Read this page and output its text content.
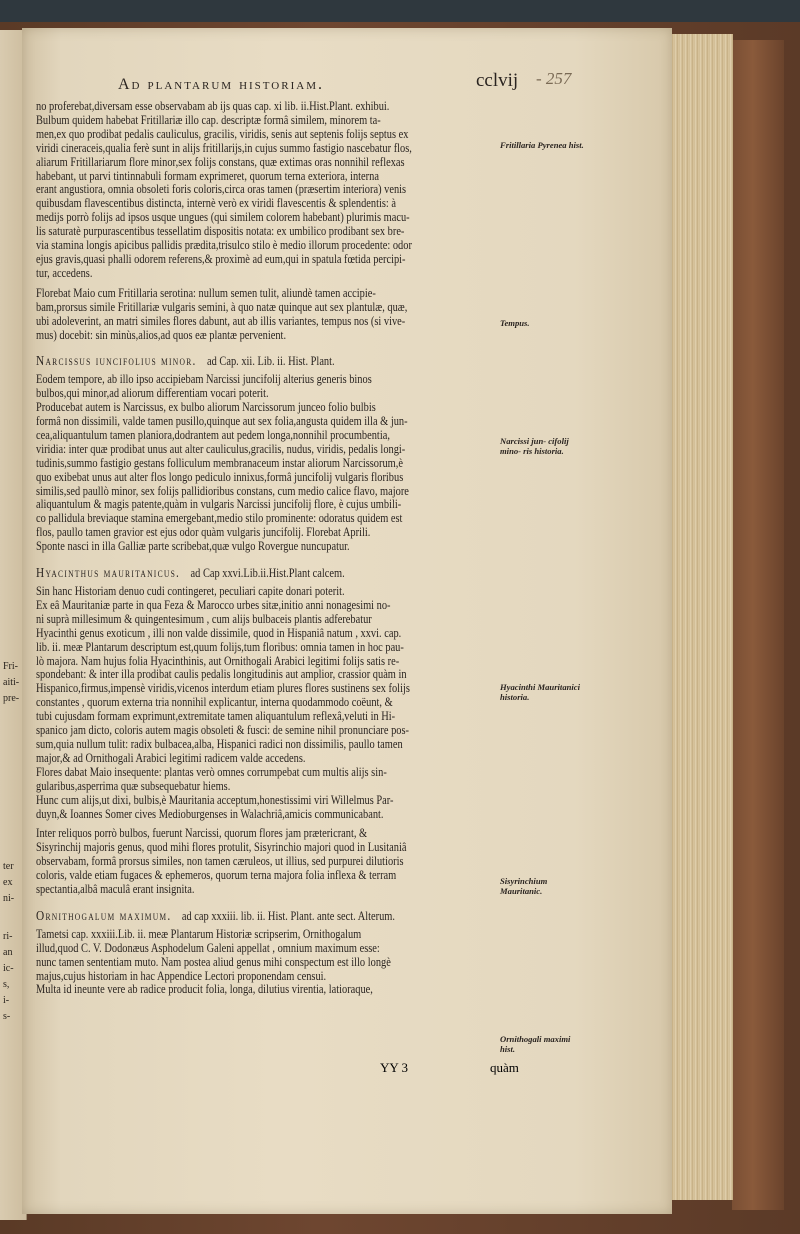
Fri-
aiti-
pre-
ter
ex
ni-
ri-
an
ic-
s,
i-
s-
Ad plantarum historiam.	cclvij - 257
no proferebat,diversam esse observabam ab ijs quas cap. xi lib. ii.Hist.Plant. exhibui.
Bulbum quidem habebat Fritillariæ illo cap. descriptæ formâ similem, minorem ta-
men,ex quo prodibat pedalis cauliculus, gracilis, viridis, senis aut septenis folijs septus ex
viridi cineraceis,qualia ferè sunt in alijs fritillarijs,in cujus summo fastigio nascebatur flos,
aliarum Fritillariarum flore minor,sex folijs constans, quæ extimas oras nonnihil reflexas
habebant, ut parvi tintinnabuli formam exprimeret, quorum terna exteriora, interna
erant angustiora, omnia obsoleti foris coloris,circa oras tamen (præsertim interiora) venis
quibusdam flavescentibus distincta, internè verò ex viridi flavescentis & splendentis: à
medijs porrò folijs ad ipsos usque ungues (qui similem colorem habebant) plurimis macu-
lis saturatè purpurascentibus tessellatim dispositis notata: ex umbilico prodibant sex bre-
via stamina longis apicibus pallidis prædita,trisulco stilo è medio illorum procedente: odor
ejus gravis,quasi phalli odorem referens,& proximè ad eum,qui in spatula fœtida percipi-
tur, accedens.
Florebat Maio cum Fritillaria serotina: nullum semen tulit, aliundè tamen accipie-
bam,prorsus simile Fritillariæ vulgaris semini, à quo natæ quinque aut sex plantulæ, quæ,
ubi adoleverint, an matri similes flores dabunt, aut ab illis variantes, tempus nos (si vive-
mus) docebit: sin minùs,alios,ad quos eæ plantæ pervenient.
Narcissus iuncifolius minor.  ad Cap. xii. Lib. ii. Hist. Plant.
Eodem tempore, ab illo ipso accipiebam Narcissi juncifolij alterius generis binos
bulbos,qui minor,ad aliorum differentiam vocari poterit.
Producebat autem is Narcissus, ex bulbo aliorum Narcissorum junceo folio bulbis
formâ non dissimili, valde tamen pusillo,quinque aut sex folia,angusta quidem illa & jun-
cea,aliquantulum tamen planiora,dodrantem aut pedem longa,nonnihil procumbentia,
viridia: inter quæ prodibat unus aut alter cauliculus,gracilis, nudus, viridis, pedalis longi-
tudinis,summo fastigio gestans folliculum membranaceum instar aliorum Narcissorum,è
quo exibebat unus aut alter flos longo pediculo innixus,formâ juncifolij vulgaris floribus
similis,sed paullò minor, sex folijs pallidioribus constans, cum medio calice flavo, majore
aliquantulum & magis patente,quàm in vulgaris Narcissi juncifolij flore, è cujus umbili-
co pallidula breviaque stamina emergebant,medio stilo prominente: odoratus quidem est
flos, paullo tamen gravior est ejus odor quàm vulgaris juncifolij. Florebat Aprili.
Sponte nasci in illa Galliæ parte scribebat,quæ vulgo Rovergue nuncupatur.
Hyacinthus mauritanicus.  ad Cap xxvi.Lib.ii.Hist.Plant calcem.
Sin hanc Historiam denuo cudi contingeret, peculiari capite donari poterit.
Ex eâ Mauritaniæ parte in qua Feza & Marocco urbes sitæ,initio anni nonagesimi no-
ni suprà millesimum & quingentesimum , cum alijs bulbaceis plantis adferebatur
Hyacinthi genus exoticum , illi non valde dissimile, quod in Hispaniâ natum , xxvi. cap.
lib. ii. meæ Plantarum descriptum est,quum folijs,tum floribus: omnia tamen in hoc pau-
lò majora. Nam hujus folia Hyacinthinis, aut Ornithogali Arabici legitimi folijs satis re-
spondebant: & inter illa prodibat caulis pedalis longitudinis aut amplior, crassior quàm in
Hispanico,firmus,impensè viridis,vicenos interdum etiam plures flores sustinens sex folijs
constantes , quorum externa tria nonnihil explicantur, interna quodammodo coëunt, &
tubi cujusdam formam exprimunt,extremitate tamen aliquantulum reflexâ,veluti in Hi-
spanico jam dicto, coloris autem magis obsoleti & fusci: de semine nihil pronunciare pos-
sum,quia nullum tulit: radix bulbacea,alba, Hispanici radici non dissimilis, paullo tamen
major,& ad Ornithogali Arabici legitimi radicem valde accedens.
Flores dabat Maio insequente: plantas verò omnes corrumpebat cum multis alijs sin-
gularibus,asperrima quæ subsequebatur hiems.
Hunc cum alijs,ut dixi, bulbis,è Mauritania acceptum,honestissimi viri Willelmus Par-
duyn,& Ioannes Somer cives Medioburgenses in Walachriâ,amicis communicabant.
Inter reliquos porrò bulbos, fuerunt Narcissi, quorum flores jam prætericrant, &
Sisyrinchij majoris genus, quod mihi flores protulit, Sisyrinchio majori quod in Lusitaniâ
observabam, formâ prorsus similes, non tamen cæruleos, ut illius, sed purpurei dilutioris
coloris, valde etiam fugaces & ephemeros, quorum terna majora folia inflexa & terram
spectantia,albâ maculâ erant insignita.
Ornithogalum maximum.  ad cap xxxiii. lib. ii. Hist. Plant. ante sect. Alterum.
Tametsi cap. xxxiii.Lib. ii. meæ Plantarum Historiæ scripserim, Ornithogalum
illud,quod C. V. Dodonæus Asphodelum Galeni appellat , omnium maximum esse:
nunc tamen sententiam muto. Nam postea aliud genus mihi conspectum est illo longè
majus,cujus historiam in hac Appendice Lectori proponendam censui.
Multa id ineunte vere ab radice producit folia, longa, dilutius virentia, latioraque,
Fritillaria Pyrenea hist.
Tempus.
Narcissi jun- cifolij mino- ris historia.
Hyacinthi Mauritanici historia.
Sisyrinchium Mauritanic.
Ornithogali maximi hist.
YY 3	quàm
